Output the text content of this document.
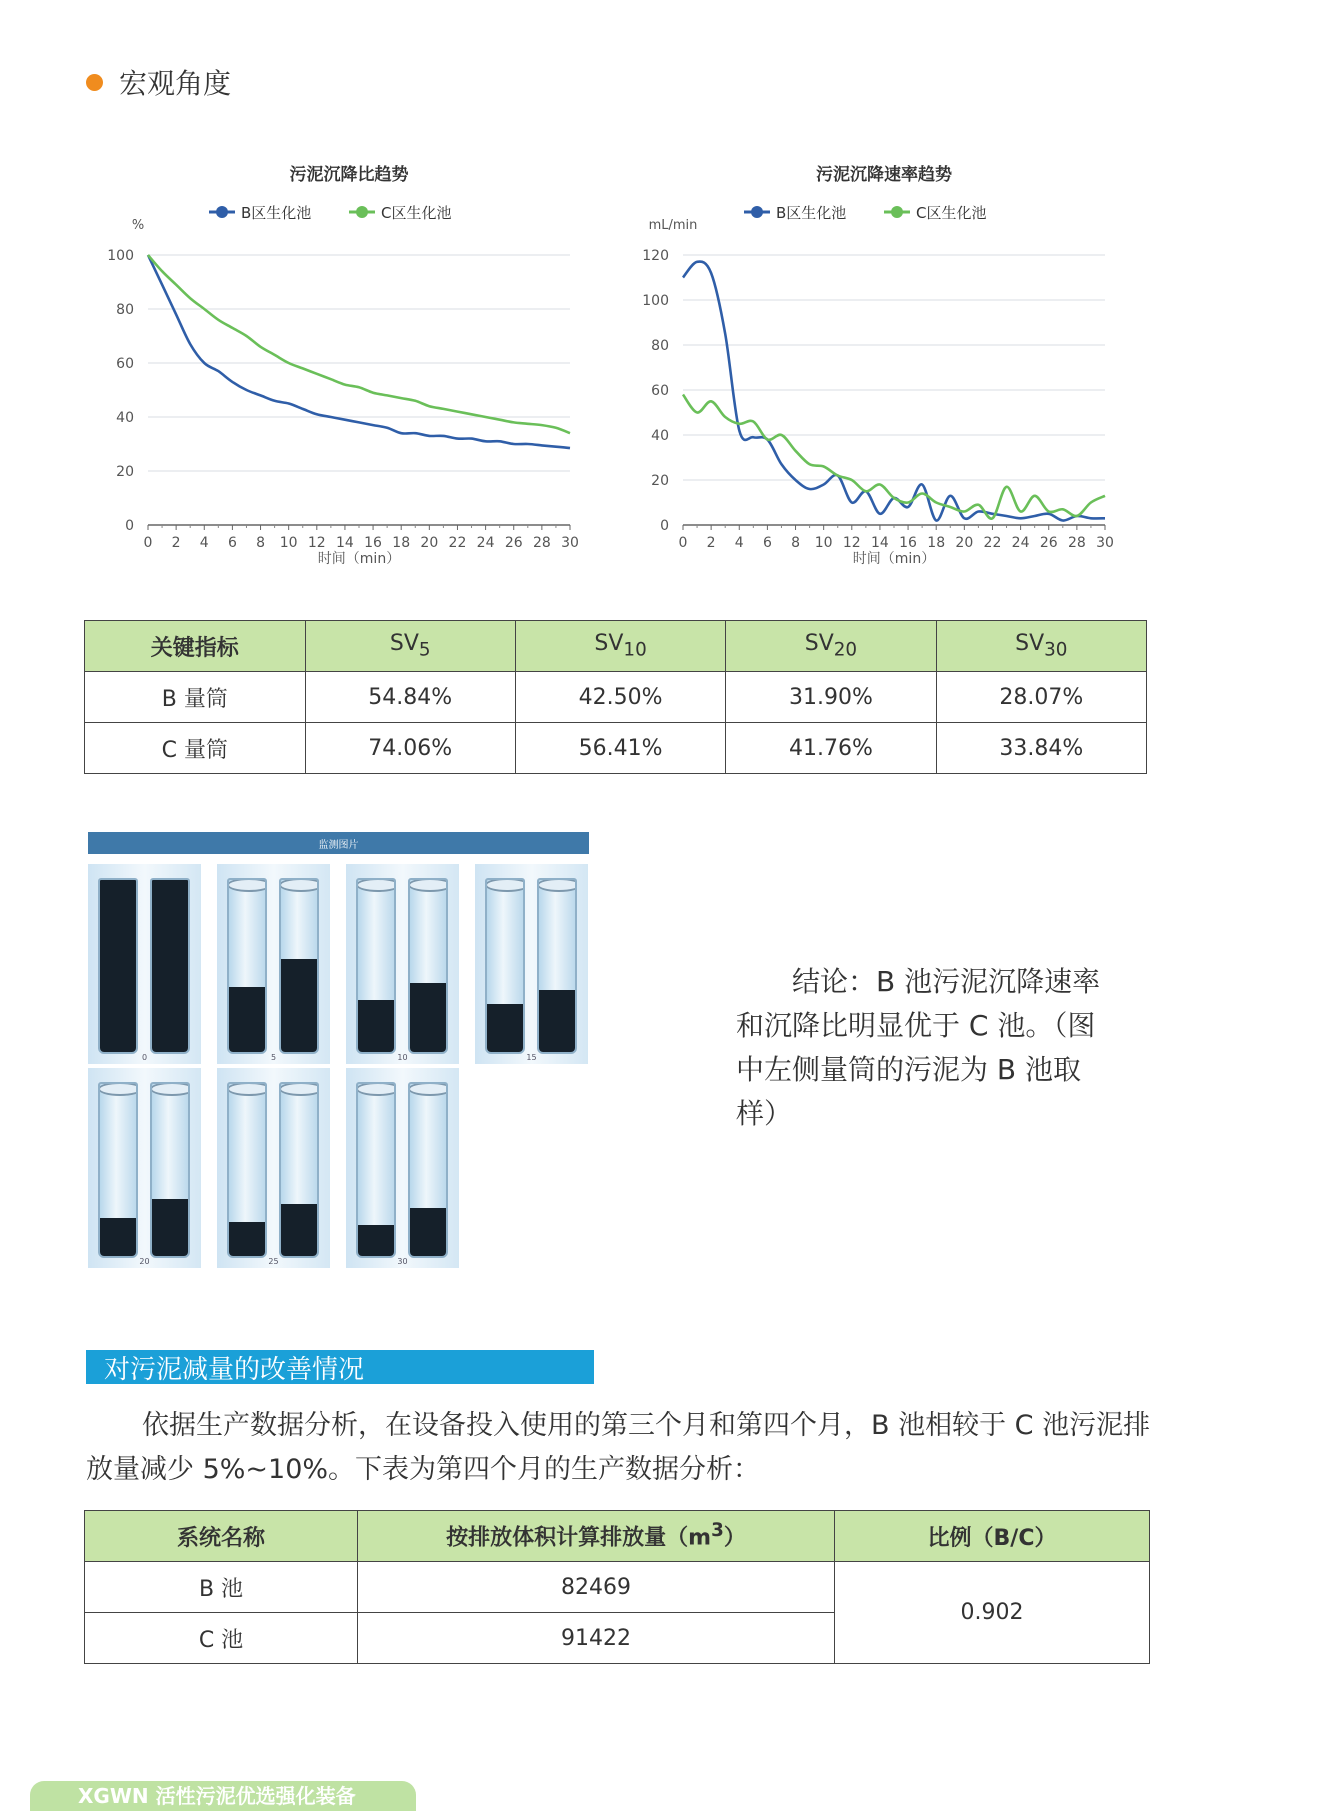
宏观角度
污泥沉降比趋势
B区生化池	C区生化池
%
0
20
40
60
80
100
0 2 4 6 8 10 12 14 16 18 20 22 24 26 28 30
时间（min）
污泥沉降速率趋势
B区生化池	C区生化池
mL/min
0
20
40
60
80
100
120
0 2 4 6 8 10 12 14 16 18 20 22 24 26 28 30
时间（min）
关键指标	$SV_5$	$SV_{10}$	$SV_{20}$	$SV_{30}$
B 量筒	54.84%	42.50%	31.90%	28.07%
C 量筒	74.06%	56.41%	41.76%	33.84%
监测图片
0	5	10	15
20	25	30
结论：B 池污泥沉降速率和沉降比明显优于 C 池。（图中左侧量筒的污泥为 B 池取样）
对污泥减量的改善情况
依据生产数据分析，在设备投入使用的第三个月和第四个月，B 池相较于 C 池污泥排放量减少 5%~10%。下表为第四个月的生产数据分析：
系统名称	按排放体积计算排放量$(m^3)$	比例（B/C）
B 池	82469	0.902
C 池	91422	
XGWN 活性污泥优选强化装备
